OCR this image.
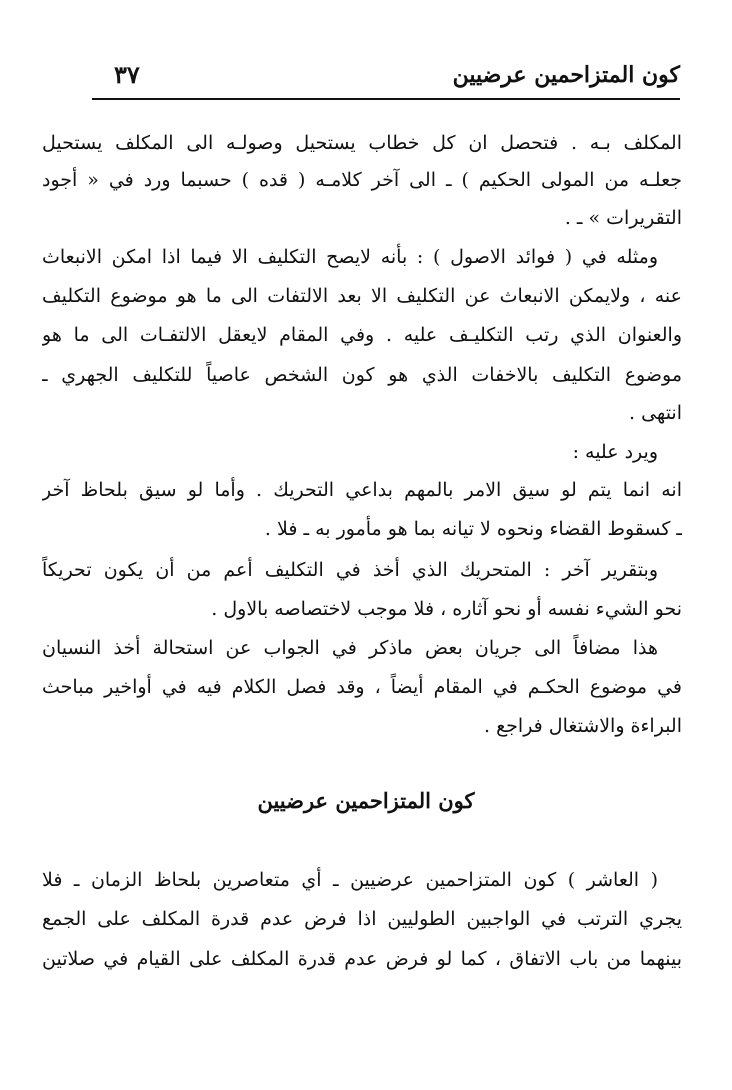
كون المتزاحمين عرضيين
٣٧
المكلف بـه . فتحصل ان كل خطاب يستحيل وصولـه الى المكلف يستحيل
جعلـه من المولى الحكيم ) ـ الى آخر كلامـه ( قده ) حسبما ورد في « أجود
التقريرات » ـ .
ومثله في ( فوائد الاصول ) : بأنه لايصح التكليف الا فيما اذا امكن الانبعاث
عنه ، ولايمكن الانبعاث عن التكليف الا بعد الالتفات الى ما هو موضوع التكليف
والعنوان الذي رتب التكليـف عليه . وفي المقام لايعقل الالتفـات الى ما هو
موضوع التكليف بالاخفات الذي هو كون الشخص عاصياً للتكليف الجهري ـ
انتهى .
ويرد عليه :
انه انما يتم لو سيق الامر بالمهم بداعي التحريك . وأما لو سيق بلحاظ آخر
ـ كسقوط القضاء ونحوه لا تيانه بما هو مأمور به ـ فلا .
وبتقرير آخر : المتحريك الذي أخذ في التكليف أعم من أن يكون تحريكاً
نحو الشيء نفسه أو نحو آثاره ، فلا موجب لاختصاصه بالاول .
هذا مضافاً الى جريان بعض ماذكر في الجواب عن استحالة أخذ النسيان
في موضوع الحكـم في المقام أيضاً ، وقد فصل الكلام فيه في أواخير مباحث
البراءة والاشتغال فراجع .
كون المتزاحمين عرضيين
( العاشر ) كون المتزاحمين عرضيين ـ أي متعاصرين بلحاظ الزمان ـ فلا
يجري الترتب في الواجبين الطوليين اذا فرض عدم قدرة المكلف على الجمع
بينهما من باب الاتفاق ، كما لو فرض عدم قدرة المكلف على القيام في صلاتين
